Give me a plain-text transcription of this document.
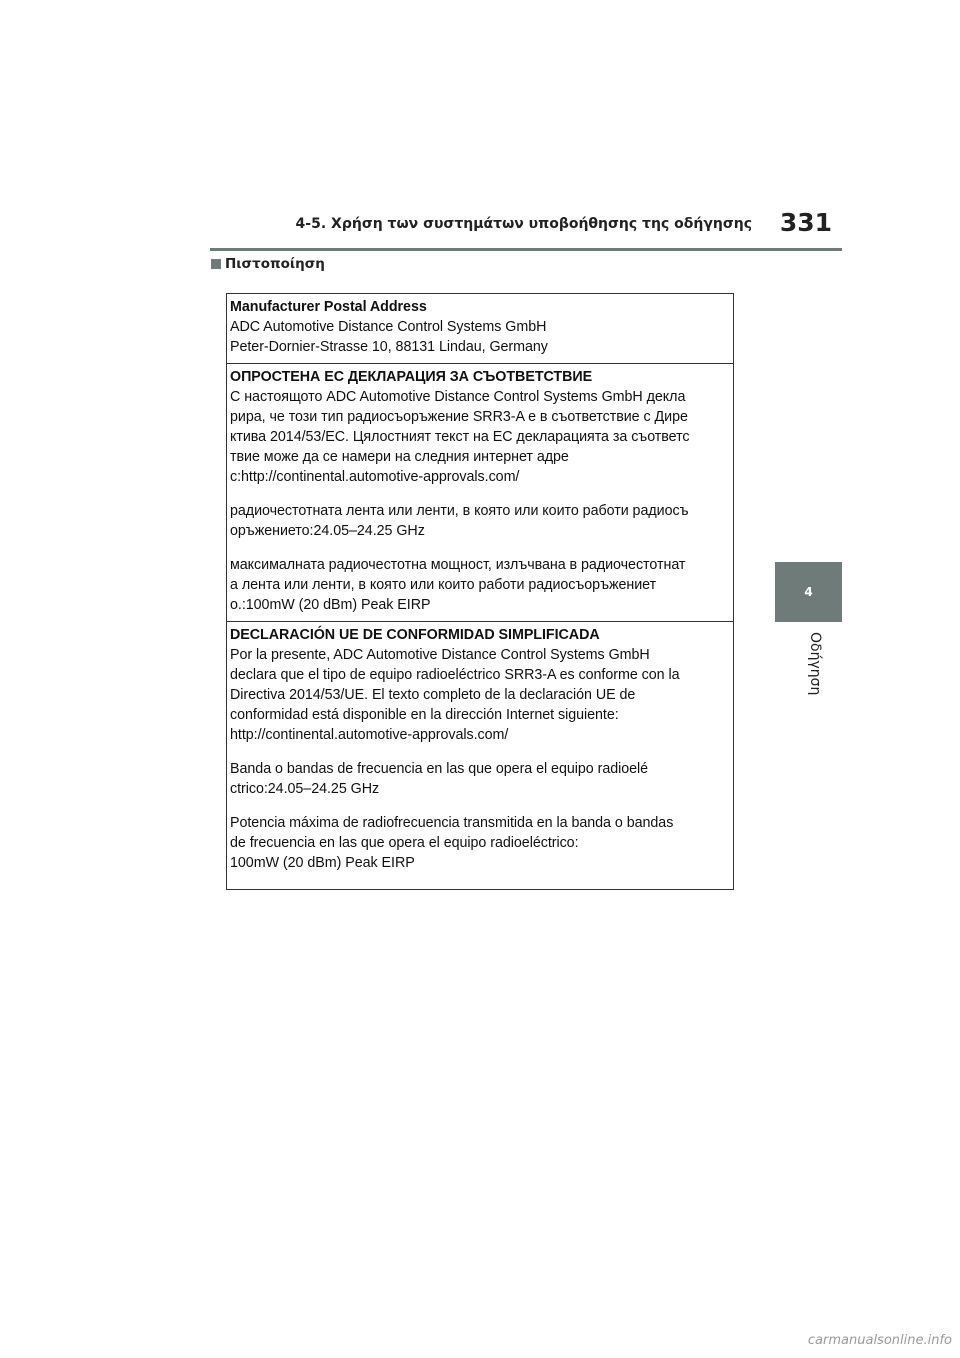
4-5. Χρήση των συστημάτων υποβοήθησης της οδήγησης 331
Πιστοποίηση
4
Οδήγηση
Manufacturer Postal Address
ADC Automotive Distance Control Systems GmbH
Peter-Dornier-Strasse 10, 88131 Lindau, Germany
ОПРОСТЕНА ЕС ДЕКЛАРАЦИЯ ЗА СЪОТВЕТСТВИЕ
С настоящото ADC Automotive Distance Control Systems GmbH декла
рира, че този тип радиосъоръжение SRR3-A е в съответствие с Дире
ктива 2014/53/ЕС. Цялостният текст на ЕС декларацията за съответс
твие може да се намери на следния интернет адре
с:http://continental.automotive-approvals.com/
радиочестотната лента или ленти, в която или които работи радиосъ
оръжението:24.05–24.25 GHz
максималната радиочестотна мощност, излъчвана в радиочестотнат
а лента или ленти, в която или които работи радиосъоръжениет
о.:100mW (20 dBm) Peak EIRP
DECLARACIÓN UE DE CONFORMIDAD SIMPLIFICADA
Por la presente, ADC Automotive Distance Control Systems GmbH
declara que el tipo de equipo radioeléctrico SRR3-A es conforme con la
Directiva 2014/53/UE. El texto completo de la declaración UE de
conformidad está disponible en la dirección Internet siguiente:
http://continental.automotive-approvals.com/
Banda o bandas de frecuencia en las que opera el equipo radioelé
ctrico:24.05–24.25 GHz
Potencia máxima de radiofrecuencia transmitida en la banda o bandas
de frecuencia en las que opera el equipo radioeléctrico:
100mW (20 dBm) Peak EIRP
carmanualsonline.info
